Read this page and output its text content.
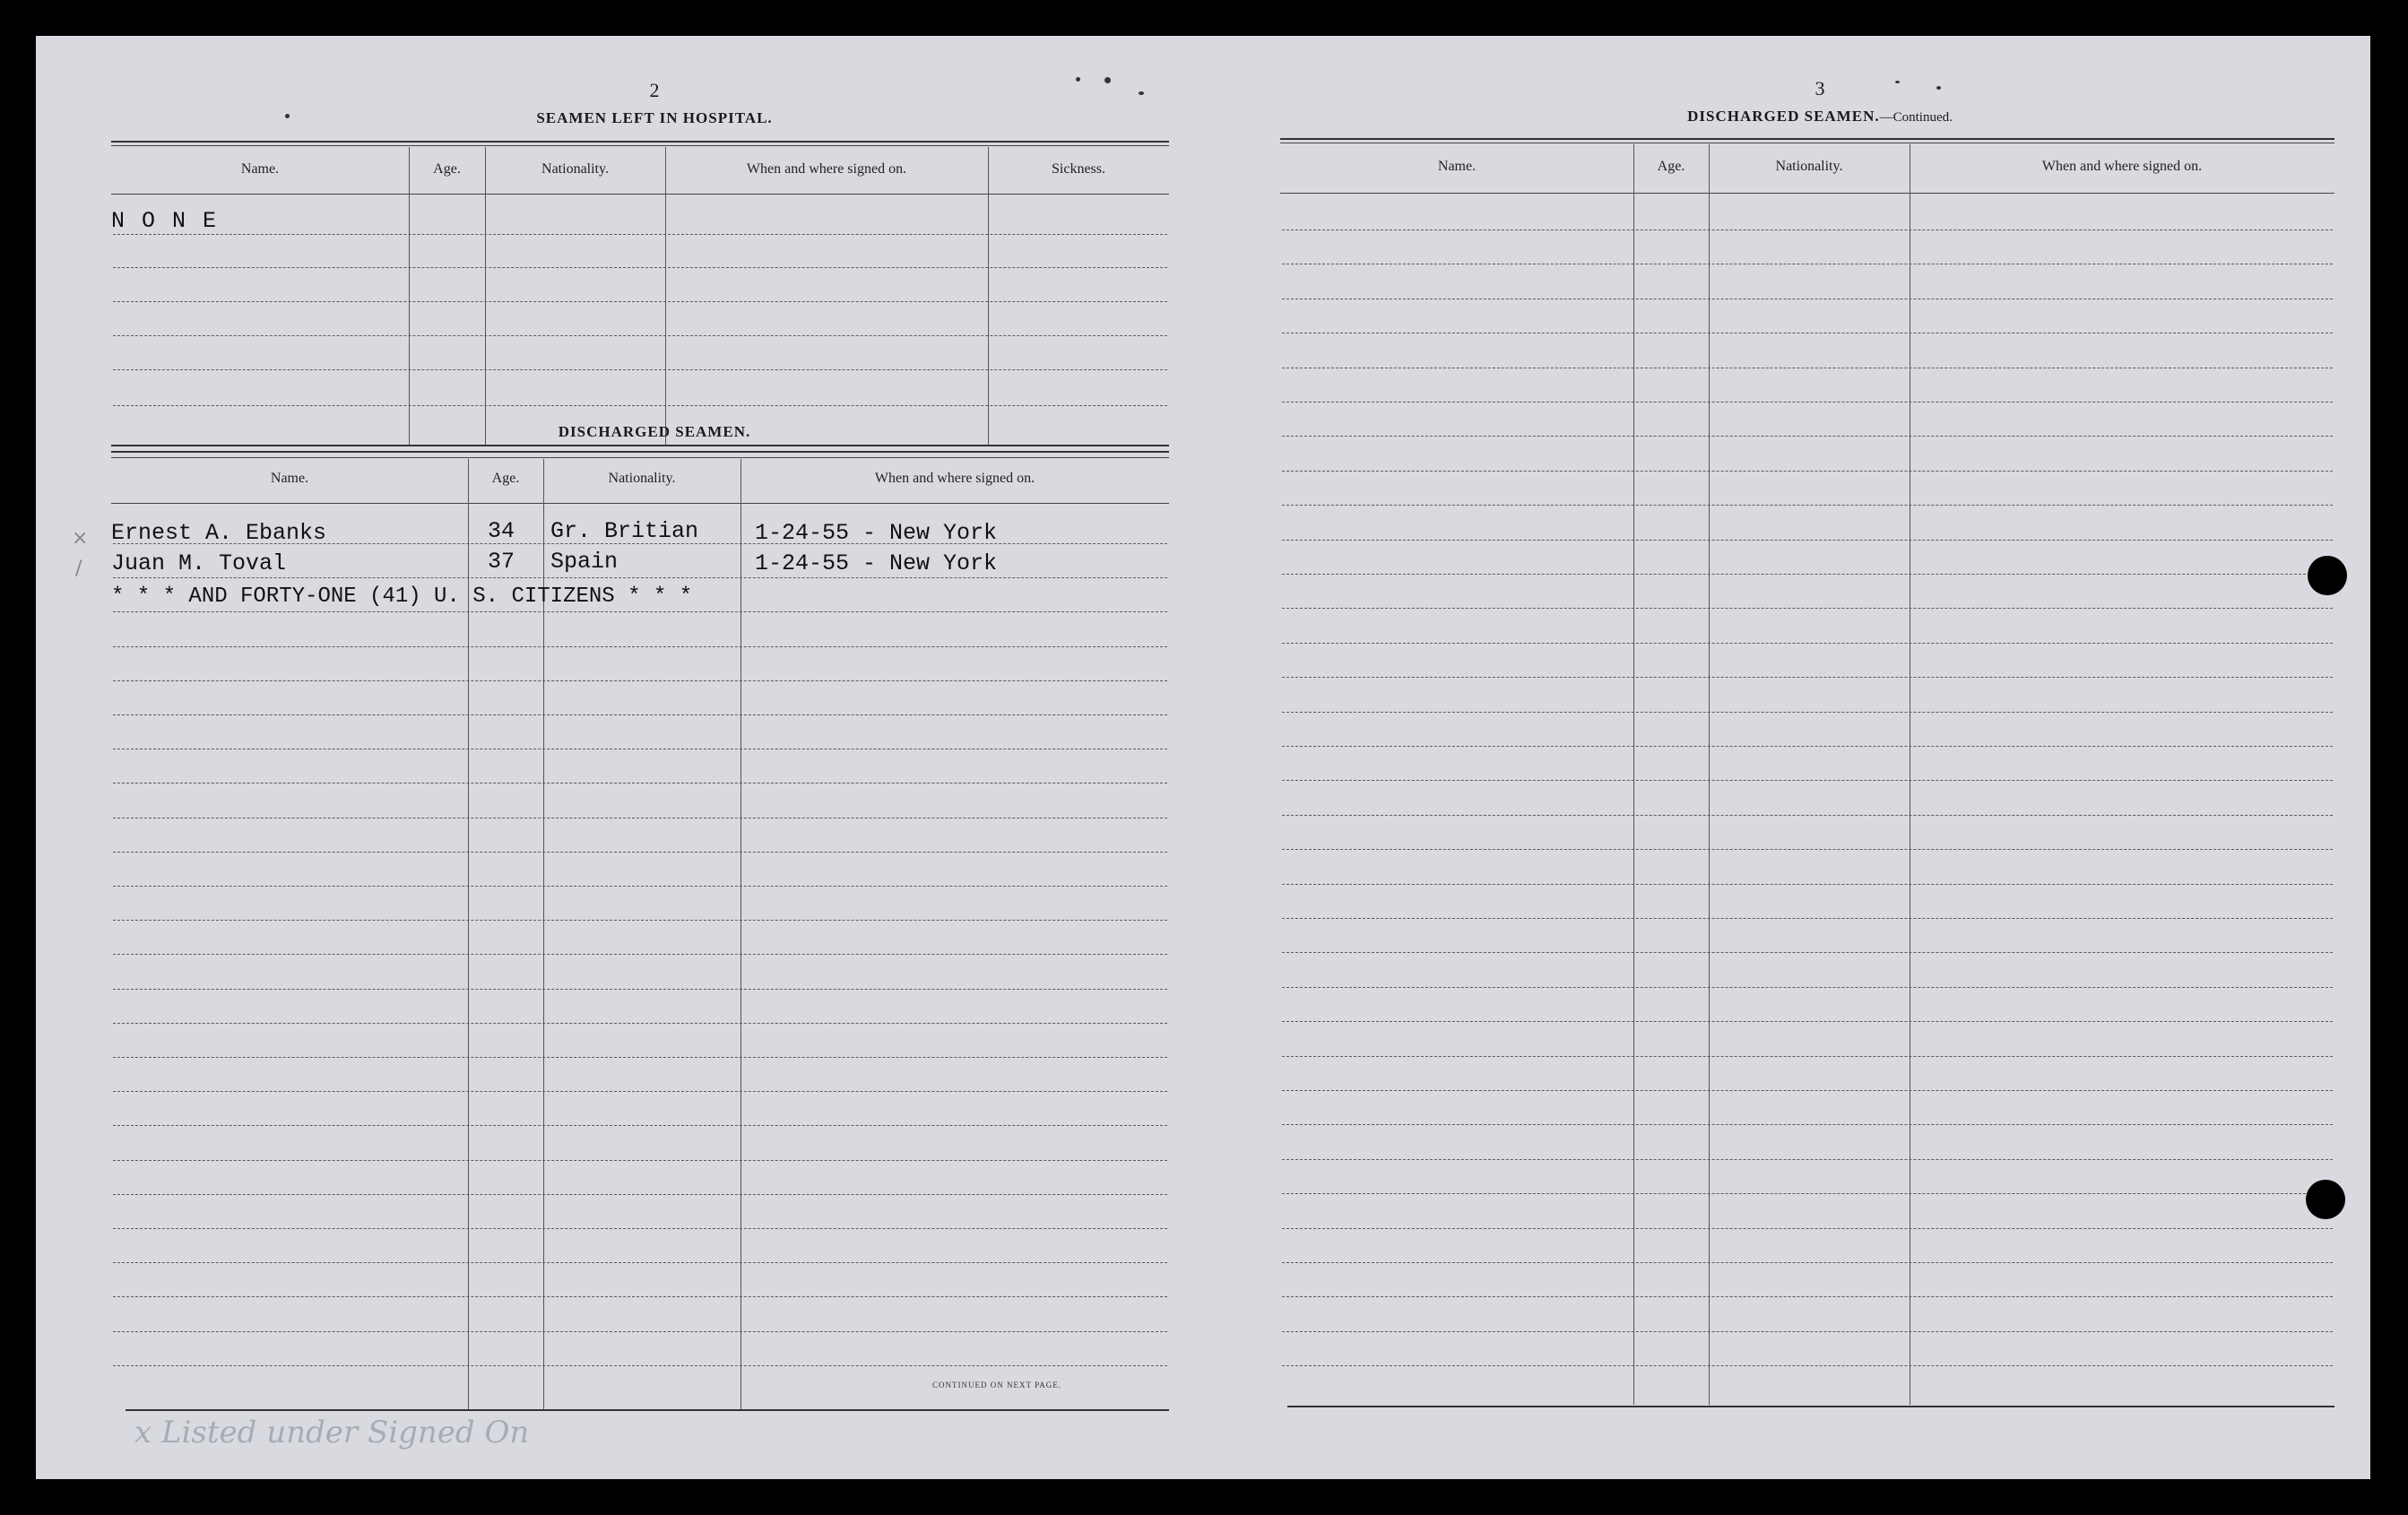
2
SEAMEN LEFT IN HOSPITAL.
Name.	Age.	Nationality.	When and where signed on.	Sickness.
N O N E
DISCHARGED SEAMEN.
Name.	Age.	Nationality.	When and where signed on.
×
/
Ernest A. Ebanks	34 Gr. Britian	1-24-55 - New York
Juan M. Toval	37 Spain	1-24-55 - New York
* * * AND FORTY-ONE (41) U. S. CITIZENS * * *
CONTINUED ON NEXT PAGE.
x Listed under Signed On
3
DISCHARGED SEAMEN.—Continued.
Name.	Age.	Nationality.	When and where signed on.
